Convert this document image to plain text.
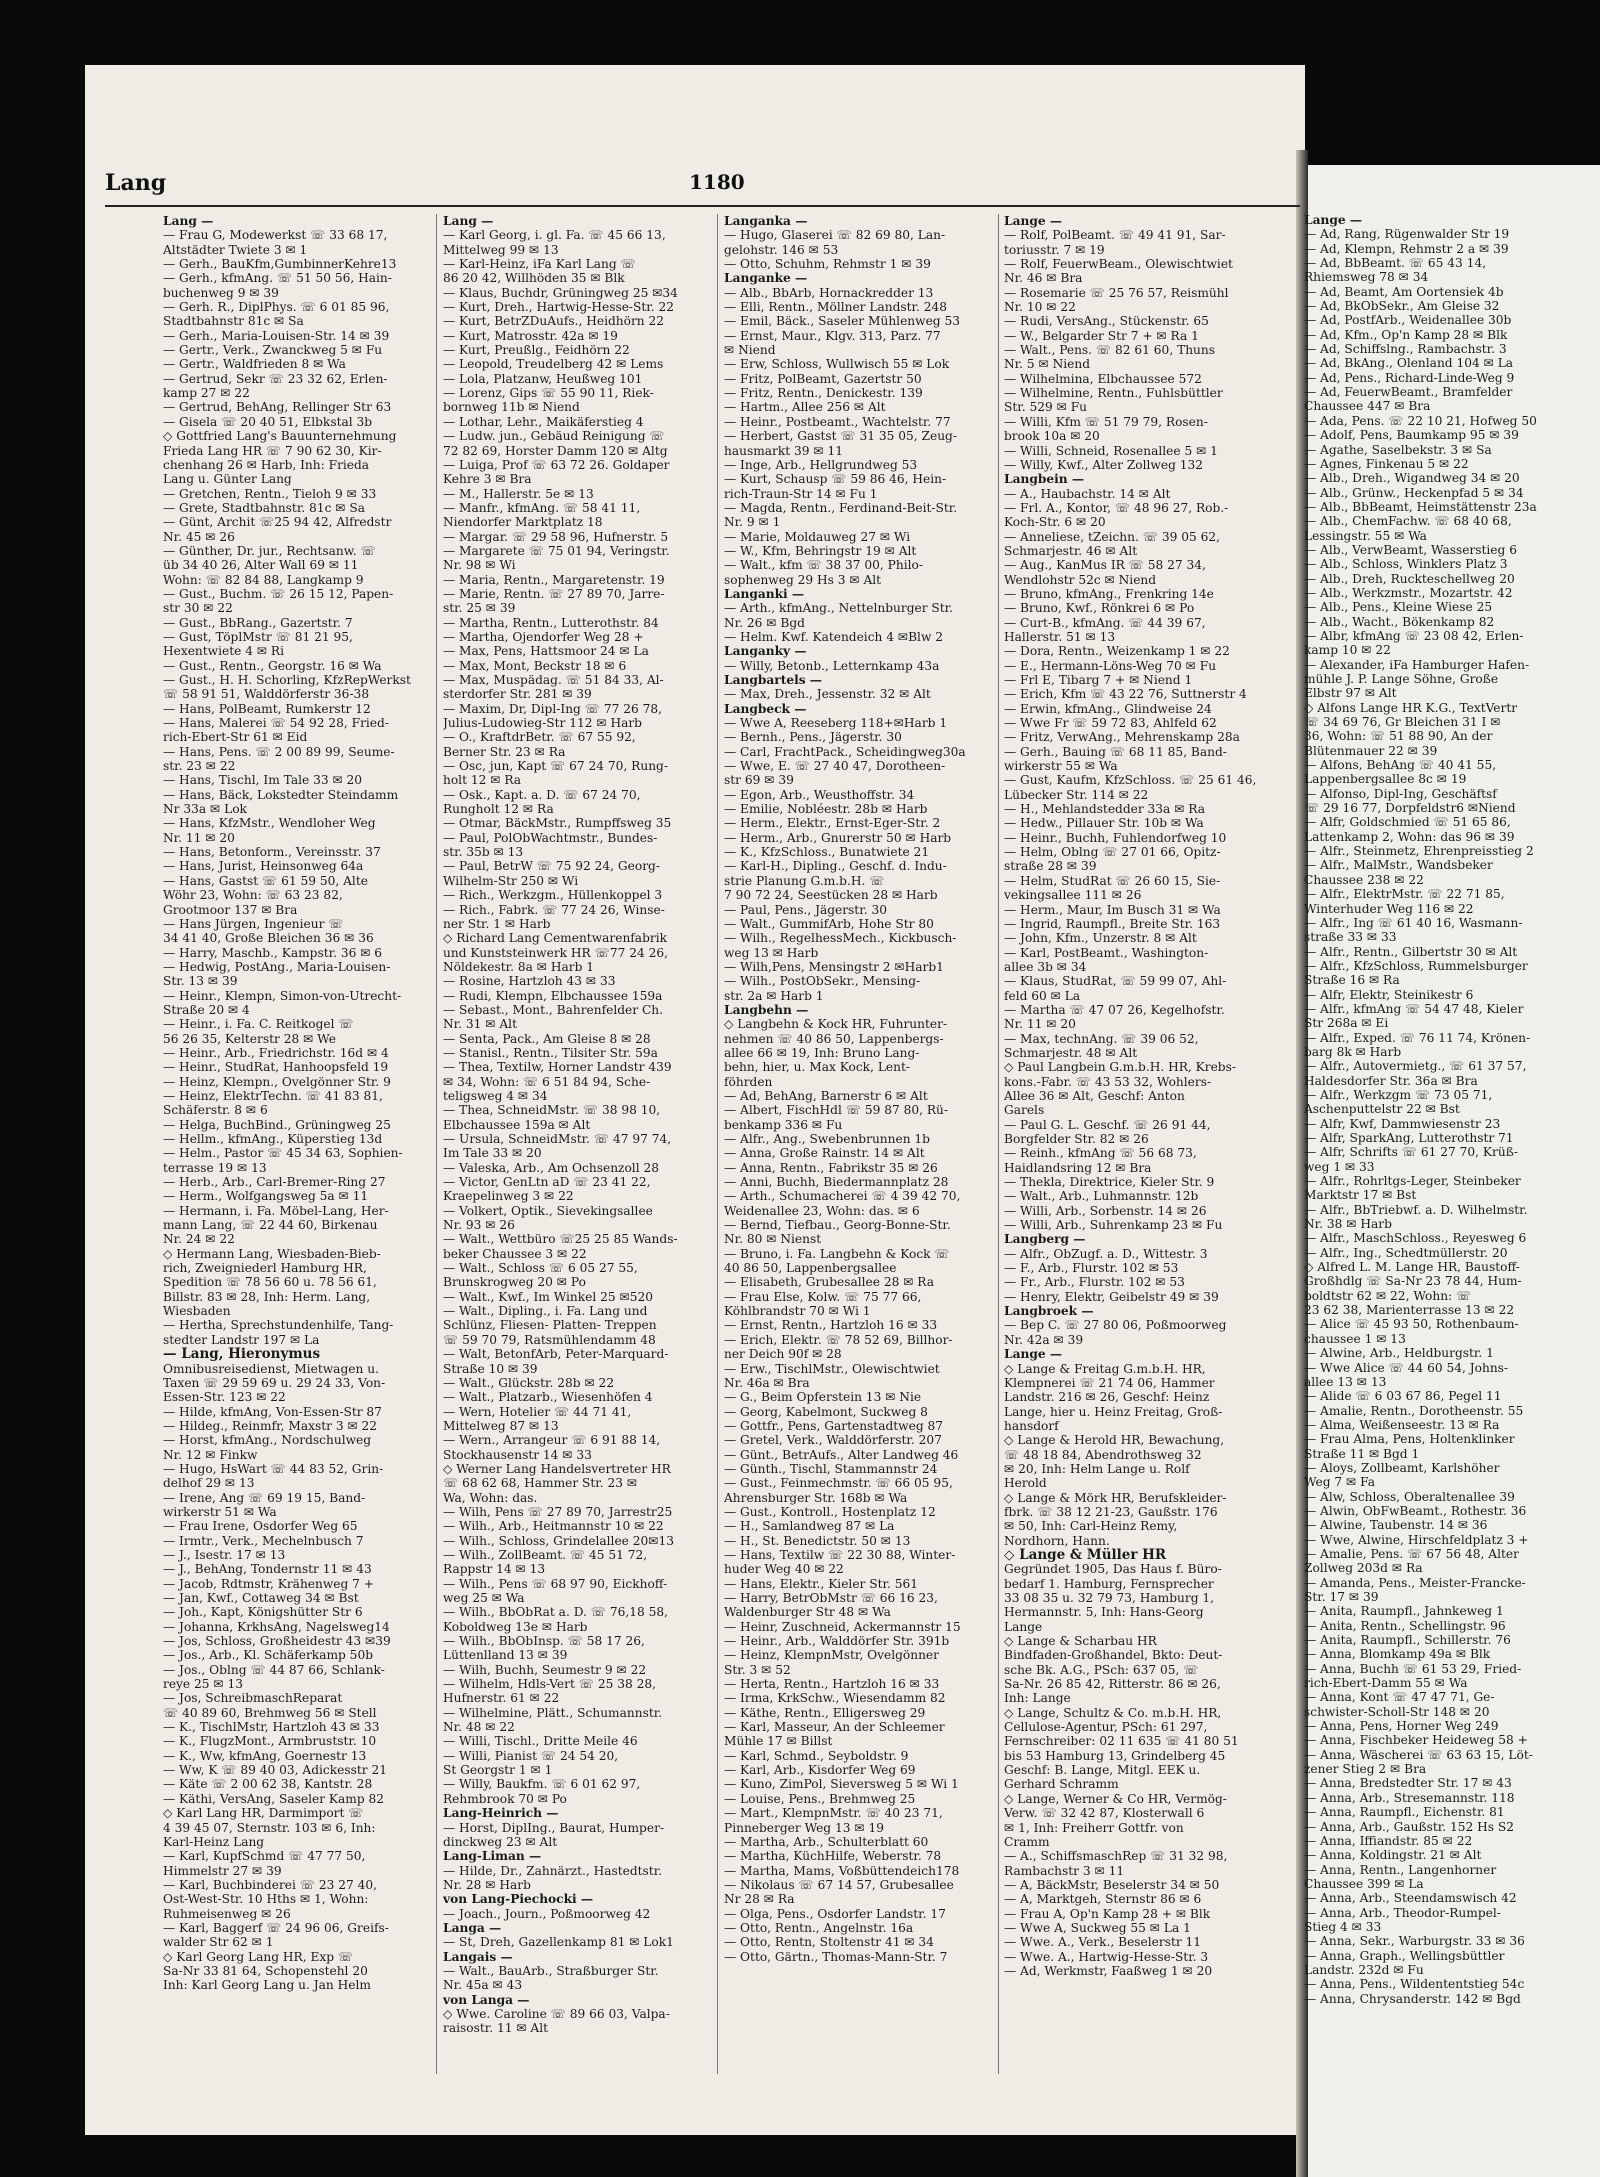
Lang	1180

Lang —

— Frau G, Modewerkst ☏ 33 68 17,

Altstädter Twiete 3 ✉ 1

— Gerh., BauKfm,GumbinnerKehre13

— Gerh., kfmAng. ☏ 51 50 56, Hain-

buchenweg 9 ✉ 39

— Gerh. R., DiplPhys. ☏ 6 01 85 96,

Stadtbahnstr 81c ✉ Sa

— Gerh., Maria-Louisen-Str. 14 ✉ 39

— Gertr., Verk., Zwanckweg 5 ✉ Fu

— Gertr., Waldfrieden 8 ✉ Wa

— Gertrud, Sekr ☏ 23 32 62, Erlen-

kamp 27 ✉ 22

— Gertrud, BehAng, Rellinger Str 63

— Gisela ☏ 20 40 51, Elbkstal 3b

◇ Gottfried Lang's Bauunternehmung

Frieda Lang HR ☏ 7 90 62 30, Kir-

chenhang 26 ✉ Harb, Inh: Frieda

Lang u. Günter Lang

— Gretchen, Rentn., Tieloh 9 ✉ 33

— Grete, Stadtbahnstr. 81c ✉ Sa

— Günt, Archit ☏25 94 42, Alfredstr

Nr. 45 ✉ 26

— Günther, Dr. jur., Rechtsanw. ☏

üb 34 40 26, Alter Wall 69 ✉ 11

Wohn: ☏ 82 84 88, Langkamp 9

— Gust., Buchm. ☏ 26 15 12, Papen-

str 30 ✉ 22

— Gust., BbRang., Gazertstr. 7

— Gust, TöplMstr ☏ 81 21 95,

Hexentwiete 4 ✉ Ri

— Gust., Rentn., Georgstr. 16 ✉ Wa

— Gust., H. H. Schorling, KfzRepWerkst

☏ 58 91 51, Walddörferstr 36-38

— Hans, PolBeamt, Rumkerstr 12

— Hans, Malerei ☏ 54 92 28, Fried-

rich-Ebert-Str 61 ✉ Eid

— Hans, Pens. ☏ 2 00 89 99, Seume-

str. 23 ✉ 22

— Hans, Tischl, Im Tale 33 ✉ 20

— Hans, Bäck, Lokstedter Steindamm

Nr 33a ✉ Lok

— Hans, KfzMstr., Wendloher Weg

Nr. 11 ✉ 20

— Hans, Betonform., Vereinsstr. 37

— Hans, Jurist, Heinsonweg 64a

— Hans, Gastst ☏ 61 59 50, Alte

Wöhr 23, Wohn: ☏ 63 23 82,

Grootmoor 137 ✉ Bra

— Hans Jürgen, Ingenieur ☏

34 41 40, Große Bleichen 36 ✉ 36

— Harry, Maschb., Kampstr. 36 ✉ 6

— Hedwig, PostAng., Maria-Louisen-

Str. 13 ✉ 39

— Heinr., Klempn, Simon-von-Utrecht-

Straße 20 ✉ 4

— Heinr., i. Fa. C. Reitkogel ☏

56 26 35, Kelterstr 28 ✉ We

— Heinr., Arb., Friedrichstr. 16d ✉ 4

— Heinr., StudRat, Hanhoopsfeld 19

— Heinz, Klempn., Ovelgönner Str. 9

— Heinz, ElektrTechn. ☏ 41 83 81,

Schäferstr. 8 ✉ 6

— Helga, BuchBind., Grüningweg 25

— Hellm., kfmAng., Küperstieg 13d

— Helm., Pastor ☏ 45 34 63, Sophien-

terrasse 19 ✉ 13

— Herb., Arb., Carl-Bremer-Ring 27

— Herm., Wolfgangsweg 5a ✉ 11

— Hermann, i. Fa. Möbel-Lang, Her-

mann Lang, ☏ 22 44 60, Birkenau

Nr. 24 ✉ 22

◇ Hermann Lang, Wiesbaden-Bieb-

rich, Zweigniederl Hamburg HR,

Spedition ☏ 78 56 60 u. 78 56 61,

Billstr. 83 ✉ 28, Inh: Herm. Lang,

Wiesbaden

— Hertha, Sprechstundenhilfe, Tang-

stedter Landstr 197 ✉ La

— Lang, Hieronymus

Omnibusreisedienst, Mietwagen u.

Taxen ☏ 29 59 69 u. 29 24 33, Von-

Essen-Str. 123 ✉ 22

— Hilde, kfmAng, Von-Essen-Str 87

— Hildeg., Reinmfr, Maxstr 3 ✉ 22

— Horst, kfmAng., Nordschulweg

Nr. 12 ✉ Finkw

— Hugo, HsWart ☏ 44 83 52, Grin-

delhof 29 ✉ 13

— Irene, Ang ☏ 69 19 15, Band-

wirkerstr 51 ✉ Wa

— Frau Irene, Osdorfer Weg 65

— Irmtr., Verk., Mechelnbusch 7

— J., Isestr. 17 ✉ 13

— J., BehAng, Tondernstr 11 ✉ 43

— Jacob, Rdtmstr, Krähenweg 7 +

— Jan, Kwf., Cottaweg 34 ✉ Bst

— Joh., Kapt, Königshütter Str 6

— Johanna, KrkhsAng, Nagelsweg14

— Jos, Schloss, Großheidestr 43 ✉39

— Jos., Arb., Kl. Schäferkamp 50b

— Jos., Oblng ☏ 44 87 66, Schlank-

reye 25 ✉ 13

— Jos, SchreibmaschReparat

☏ 40 89 60, Brehmweg 56 ✉ Stell

— K., TischlMstr, Hartzloh 43 ✉ 33

— K., FlugzMont., Armbruststr. 10

— K., Ww, kfmAng, Goernestr 13

— Ww, K ☏ 89 40 03, Adickesstr 21

— Käte ☏ 2 00 62 38, Kantstr. 28

— Käthi, VersAng, Saseler Kamp 82

◇ Karl Lang HR, Darmimport ☏

4 39 45 07, Sternstr. 103 ✉ 6, Inh:

Karl-Heinz Lang

— Karl, KupfSchmd ☏ 47 77 50,

Himmelstr 27 ✉ 39

— Karl, Buchbinderei ☏ 23 27 40,

Ost-West-Str. 10 Hths ✉ 1, Wohn:

Ruhmeisenweg ✉ 26

— Karl, Baggerf ☏ 24 96 06, Greifs-

walder Str 62 ✉ 1

◇ Karl Georg Lang HR, Exp ☏

Sa-Nr 33 81 64, Schopenstehl 20

Inh: Karl Georg Lang u. Jan Helm

Lang —

— Karl Georg, i. gl. Fa. ☏ 45 66 13,

Mittelweg 99 ✉ 13

— Karl-Heinz, iFa Karl Lang ☏

86 20 42, Willhöden 35 ✉ Blk

— Klaus, Buchdr, Grüningweg 25 ✉34

— Kurt, Dreh., Hartwig-Hesse-Str. 22

— Kurt, BetrZDuAufs., Heidhörn 22

— Kurt, Matrosstr. 42a ✉ 19

— Kurt, Preußlg., Feidhörn 22

— Leopold, Treudelberg 42 ✉ Lems

— Lola, Platzanw, Heußweg 101

— Lorenz, Gips ☏ 55 90 11, Riek-

bornweg 11b ✉ Niend

— Lothar, Lehr., Maikäferstieg 4

— Ludw. jun., Gebäud Reinigung ☏

72 82 69, Horster Damm 120 ✉ Altg

— Luiga, Prof ☏ 63 72 26. Goldaper

Kehre 3 ✉ Bra

— M., Hallerstr. 5e ✉ 13

— Manfr., kfmAng. ☏ 58 41 11,

Niendorfer Marktplatz 18

— Margar. ☏ 29 58 96, Hufnerstr. 5

— Margarete ☏ 75 01 94, Veringstr.

Nr. 98 ✉ Wi

— Maria, Rentn., Margaretenstr. 19

— Marie, Rentn. ☏ 27 89 70, Jarre-

str. 25 ✉ 39

— Martha, Rentn., Lutterothstr. 84

— Martha, Ojendorfer Weg 28 +

— Max, Pens, Hattsmoor 24 ✉ La

— Max, Mont, Beckstr 18 ✉ 6

— Max, Muspädag. ☏ 51 84 33, Al-

sterdorfer Str. 281 ✉ 39

— Maxim, Dr, Dipl-Ing ☏ 77 26 78,

Julius-Ludowieg-Str 112 ✉ Harb

— O., KraftdrBetr. ☏ 67 55 92,

Berner Str. 23 ✉ Ra

— Osc, jun, Kapt ☏ 67 24 70, Rung-

holt 12 ✉ Ra

— Osk., Kapt. a. D. ☏ 67 24 70,

Rungholt 12 ✉ Ra

— Otmar, BäckMstr., Rumpffsweg 35

— Paul, PolObWachtmstr., Bundes-

str. 35b ✉ 13

— Paul, BetrW ☏ 75 92 24, Georg-

Wilhelm-Str 250 ✉ Wi

— Rich., Werkzgm., Hüllenkoppel 3

— Rich., Fabrk. ☏ 77 24 26, Winse-

ner Str. 1 ✉ Harb

◇ Richard Lang Cementwarenfabrik

und Kunststeinwerk HR ☏77 24 26,

Nöldekestr. 8a ✉ Harb 1

— Rosine, Hartzloh 43 ✉ 33

— Rudi, Klempn, Elbchaussee 159a

— Sebast., Mont., Bahrenfelder Ch.

Nr. 31 ✉ Alt

— Senta, Pack., Am Gleise 8 ✉ 28

— Stanisl., Rentn., Tilsiter Str. 59a

— Thea, Textilw, Horner Landstr 439

✉ 34, Wohn: ☏ 6 51 84 94, Sche-

teligsweg 4 ✉ 34

— Thea, SchneidMstr. ☏ 38 98 10,

Elbchaussee 159a ✉ Alt

— Ursula, SchneidMstr. ☏ 47 97 74,

Im Tale 33 ✉ 20

— Valeska, Arb., Am Ochsenzoll 28

— Victor, GenLtn aD ☏ 23 41 22,

Kraepelinweg 3 ✉ 22

— Volkert, Optik., Sievekingsallee

Nr. 93 ✉ 26

— Walt., Wettbüro ☏25 25 85 Wands-

beker Chaussee 3 ✉ 22

— Walt., Schloss ☏ 6 05 27 55,

Brunskrogweg 20 ✉ Po

— Walt., Kwf., Im Winkel 25 ✉520

— Walt., Dipling., i. Fa. Lang und

Schlünz, Fliesen- Platten- Treppen

☏ 59 70 79, Ratsmühlendamm 48

— Walt, BetonfArb, Peter-Marquard-

Straße 10 ✉ 39

— Walt., Glückstr. 28b ✉ 22

— Walt., Platzarb., Wiesenhöfen 4

— Wern, Hotelier ☏ 44 71 41,

Mittelweg 87 ✉ 13

— Wern., Arrangeur ☏ 6 91 88 14,

Stockhausenstr 14 ✉ 33

◇ Werner Lang Handelsvertreter HR

☏ 68 62 68, Hammer Str. 23 ✉

Wa, Wohn: das.

— Wilh, Pens ☏ 27 89 70, Jarrestr25

— Wilh., Arb., Heitmannstr 10 ✉ 22

— Wilh., Schloss, Grindelallee 20✉13

— Wilh., ZollBeamt. ☏ 45 51 72,

Rappstr 14 ✉ 13

— Wilh., Pens ☏ 68 97 90, Eickhoff-

weg 25 ✉ Wa

— Wilh., BbObRat a. D. ☏ 76,18 58,

Koboldweg 13e ✉ Harb

— Wilh., BbObInsp. ☏ 58 17 26,

Lüttenlland 13 ✉ 39

— Wilh, Buchh, Seumestr 9 ✉ 22

— Wilhelm, Hdls-Vert ☏ 25 38 28,

Hufnerstr. 61 ✉ 22

— Wilhelmine, Plätt., Schumannstr.

Nr. 48 ✉ 22

— Willi, Tischl., Dritte Meile 46

— Willi, Pianist ☏ 24 54 20,

St Georgstr 1 ✉ 1

— Willy, Baukfm. ☏ 6 01 62 97,

Rehmbrook 70 ✉ Po

Lang-Heinrich —

— Horst, DiplIng., Baurat, Humper-

dinckweg 23 ✉ Alt

Lang-Liman —

— Hilde, Dr., Zahnärzt., Hastedtstr.

Nr. 28 ✉ Harb

von Lang-Piechocki —

— Joach., Journ., Poßmoorweg 42

Langa —

— St, Dreh, Gazellenkamp 81 ✉ Lok1

Langais —

— Walt., BauArb., Straßburger Str.

Nr. 45a ✉ 43

von Langa —

◇ Wwe. Caroline ☏ 89 66 03, Valpa-

raisostr. 11 ✉ Alt

Langanka —

— Hugo, Glaserei ☏ 82 69 80, Lan-

gelohstr. 146 ✉ 53

— Otto, Schuhm, Rehmstr 1 ✉ 39

Langanke —

— Alb., BbArb, Hornackredder 13

— Elli, Rentn., Möllner Landstr. 248

— Emil, Bäck., Saseler Mühlenweg 53

— Ernst, Maur., Klgv. 313, Parz. 77

✉ Niend

— Erw, Schloss, Wullwisch 55 ✉ Lok

— Fritz, PolBeamt, Gazertstr 50

— Fritz, Rentn., Denickestr. 139

— Hartm., Allee 256 ✉ Alt

— Heinr., Postbeamt., Wachtelstr. 77

— Herbert, Gastst ☏ 31 35 05, Zeug-

hausmarkt 39 ✉ 11

— Inge, Arb., Hellgrundweg 53

— Kurt, Schausp ☏ 59 86 46, Hein-

rich-Traun-Str 14 ✉ Fu 1

— Magda, Rentn., Ferdinand-Beit-Str.

Nr. 9 ✉ 1

— Marie, Moldauweg 27 ✉ Wi

— W., Kfm, Behringstr 19 ✉ Alt

— Walt., kfm ☏ 38 37 00, Philo-

sophenweg 29 Hs 3 ✉ Alt

Langanki —

— Arth., kfmAng., Nettelnburger Str.

Nr. 26 ✉ Bgd

— Helm. Kwf. Katendeich 4 ✉Blw 2

Langanky —

— Willy, Betonb., Letternkamp 43a

Langbartels —

— Max, Dreh., Jessenstr. 32 ✉ Alt

Langbeck —

— Wwe A, Reeseberg 118+✉Harb 1

— Bernh., Pens., Jägerstr. 30

— Carl, FrachtPack., Scheidingweg30a

— Wwe, E. ☏ 27 40 47, Dorotheen-

str 69 ✉ 39

— Egon, Arb., Weusthoffstr. 34

— Emilie, Nobléestr. 28b ✉ Harb

— Herm., Elektr., Ernst-Eger-Str. 2

— Herm., Arb., Gnurerstr 50 ✉ Harb

— K., KfzSchloss., Bunatwiete 21

— Karl-H., Dipling., Geschf. d. Indu-

strie Planung G.m.b.H. ☏

7 90 72 24, Seestücken 28 ✉ Harb

— Paul, Pens., Jägerstr. 30

— Walt., GummifArb, Hohe Str 80

— Wilh., RegelhessMech., Kickbusch-

weg 13 ✉ Harb

— Wilh,Pens, Mensingstr 2 ✉Harb1

— Wilh., PostObSekr., Mensing-

str. 2a ✉ Harb 1

Langbehn —

◇ Langbehn & Kock HR, Fuhrunter-

nehmen ☏ 40 86 50, Lappenbergs-

allee 66 ✉ 19, Inh: Bruno Lang-

behn, hier, u. Max Kock, Lent-

föhrden

— Ad, BehAng, Barnerstr 6 ✉ Alt

— Albert, FischHdl ☏ 59 87 80, Rü-

benkamp 336 ✉ Fu

— Alfr., Ang., Swebenbrunnen 1b

— Anna, Große Rainstr. 14 ✉ Alt

— Anna, Rentn., Fabrikstr 35 ✉ 26

— Anni, Buchh, Biedermannplatz 28

— Arth., Schumacherei ☏ 4 39 42 70,

Weidenallee 23, Wohn: das. ✉ 6

— Bernd, Tiefbau., Georg-Bonne-Str.

Nr. 80 ✉ Nienst

— Bruno, i. Fa. Langbehn & Kock ☏

40 86 50, Lappenbergsallee

— Elisabeth, Grubesallee 28 ✉ Ra

— Frau Else, Kolw. ☏ 75 77 66,

Köhlbrandstr 70 ✉ Wi 1

— Ernst, Rentn., Hartzloh 16 ✉ 33

— Erich, Elektr. ☏ 78 52 69, Billhor-

ner Deich 90f ✉ 28

— Erw., TischlMstr., Olewischtwiet

Nr. 46a ✉ Bra

— G., Beim Opferstein 13 ✉ Nie

— Georg, Kabelmont, Suckweg 8

— Gottfr., Pens, Gartenstadtweg 87

— Gretel, Verk., Walddörferstr. 207

— Günt., BetrAufs., Alter Landweg 46

— Günth., Tischl, Stammannstr 24

— Gust., Feinmechmstr. ☏ 66 05 95,

Ahrensburger Str. 168b ✉ Wa

— Gust., Kontroll., Hostenplatz 12

— H., Samlandweg 87 ✉ La

— H., St. Benedictstr. 50 ✉ 13

— Hans, Textilw ☏ 22 30 88, Winter-

huder Weg 40 ✉ 22

— Hans, Elektr., Kieler Str. 561

— Harry, BetrObMstr ☏ 66 16 23,

Waldenburger Str 48 ✉ Wa

— Heinr, Zuschneid, Ackermannstr 15

— Heinr., Arb., Walddörfer Str. 391b

— Heinz, KlempnMstr, Ovelgönner

Str. 3 ✉ 52

— Herta, Rentn., Hartzloh 16 ✉ 33

— Irma, KrkSchw., Wiesendamm 82

— Käthe, Rentn., Elligersweg 29

— Karl, Masseur, An der Schleemer

Mühle 17 ✉ Billst

— Karl, Schmd., Seyboldstr. 9

— Karl, Arb., Kisdorfer Weg 69

— Kuno, ZimPol, Sieversweg 5 ✉ Wi 1

— Louise, Pens., Brehmweg 25

— Mart., KlempnMstr. ☏ 40 23 71,

Pinneberger Weg 13 ✉ 19

— Martha, Arb., Schulterblatt 60

— Martha, KüchHilfe, Weberstr. 78

— Martha, Mams, Voßbüttendeich178

— Nikolaus ☏ 67 14 57, Grubesallee

Nr 28 ✉ Ra

— Olga, Pens., Osdorfer Landstr. 17

— Otto, Rentn., Angelnstr. 16a

— Otto, Rentn, Stoltenstr 41 ✉ 34

— Otto, Gärtn., Thomas-Mann-Str. 7

Lange —

— Rolf, PolBeamt. ☏ 49 41 91, Sar-

toriusstr. 7 ✉ 19

— Rolf, FeuerwBeam., Olewischtwiet

Nr. 46 ✉ Bra

— Rosemarie ☏ 25 76 57, Reismühl

Nr. 10 ✉ 22

— Rudi, VersAng., Stückenstr. 65

— W., Belgarder Str 7 + ✉ Ra 1

— Walt., Pens. ☏ 82 61 60, Thuns

Nr. 5 ✉ Niend

— Wilhelmina, Elbchaussee 572

— Wilhelmine, Rentn., Fuhlsbüttler

Str. 529 ✉ Fu

— Willi, Kfm ☏ 51 79 79, Rosen-

brook 10a ✉ 20

— Willi, Schneid, Rosenallee 5 ✉ 1

— Willy, Kwf., Alter Zollweg 132

Langbein —

— A., Haubachstr. 14 ✉ Alt

— Frl. A., Kontor, ☏ 48 96 27, Rob.-

Koch-Str. 6 ✉ 20

— Anneliese, tZeichn. ☏ 39 05 62,

Schmarjestr. 46 ✉ Alt

— Aug., KanMus IR ☏ 58 27 34,

Wendlohstr 52c ✉ Niend

— Bruno, kfmAng., Frenkring 14e

— Bruno, Kwf., Rönkrei 6 ✉ Po

— Curt-B., kfmAng. ☏ 44 39 67,

Hallerstr. 51 ✉ 13

— Dora, Rentn., Weizenkamp 1 ✉ 22

— E., Hermann-Löns-Weg 70 ✉ Fu

— Frl E, Tibarg 7 + ✉ Niend 1

— Erich, Kfm ☏ 43 22 76, Suttnerstr 4

— Erwin, kfmAng., Glindweise 24

— Wwe Fr ☏ 59 72 83, Ahlfeld 62

— Fritz, VerwAng., Mehrenskamp 28a

— Gerh., Bauing ☏ 68 11 85, Band-

wirkerstr 55 ✉ Wa

— Gust, Kaufm, KfzSchloss. ☏ 25 61 46,

Lübecker Str. 114 ✉ 22

— H., Mehlandstedder 33a ✉ Ra

— Hedw., Pillauer Str. 10b ✉ Wa

— Heinr., Buchh, Fuhlendorfweg 10

— Helm, Oblng ☏ 27 01 66, Opitz-

straße 28 ✉ 39

— Helm, StudRat ☏ 26 60 15, Sie-

vekingsallee 111 ✉ 26

— Herm., Maur, Im Busch 31 ✉ Wa

— Ingrid, Raumpfl., Breite Str. 163

— John, Kfm., Unzerstr. 8 ✉ Alt

— Karl, PostBeamt., Washington-

allee 3b ✉ 34

— Klaus, StudRat, ☏ 59 99 07, Ahl-

feld 60 ✉ La

— Martha ☏ 47 07 26, Kegelhofstr.

Nr. 11 ✉ 20

— Max, technAng. ☏ 39 06 52,

Schmarjestr. 48 ✉ Alt

◇ Paul Langbein G.m.b.H. HR, Krebs-

kons.-Fabr. ☏ 43 53 32, Wohlers-

Allee 36 ✉ Alt, Geschf: Anton

Garels

— Paul G. L. Geschf. ☏ 26 91 44,

Borgfelder Str. 82 ✉ 26

— Reinh., kfmAng ☏ 56 68 73,

Haidlandsring 12 ✉ Bra

— Thekla, Direktrice, Kieler Str. 9

— Walt., Arb., Luhmannstr. 12b

— Willi, Arb., Sorbenstr. 14 ✉ 26

— Willi, Arb., Suhrenkamp 23 ✉ Fu

Langberg —

— Alfr., ObZugf. a. D., Wittestr. 3

— F., Arb., Flurstr. 102 ✉ 53

— Fr., Arb., Flurstr. 102 ✉ 53

— Henry, Elektr, Geibelstr 49 ✉ 39

Langbroek —

— Bep C. ☏ 27 80 06, Poßmoorweg

Nr. 42a ✉ 39

Lange —

◇ Lange & Freitag G.m.b.H. HR,

Klempnerei ☏ 21 74 06, Hammer

Landstr. 216 ✉ 26, Geschf: Heinz

Lange, hier u. Heinz Freitag, Groß-

hansdorf

◇ Lange & Herold HR, Bewachung,

☏ 48 18 84, Abendrothsweg 32

✉ 20, Inh: Helm Lange u. Rolf

Herold

◇ Lange & Mörk HR, Berufskleider-

fbrk. ☏ 38 12 21-23, Gaußstr. 176

✉ 50, Inh: Carl-Heinz Remy,

Nordhorn, Hann.

◇ Lange & Müller HR

Gegründet 1905, Das Haus f. Büro-

bedarf 1. Hamburg, Fernsprecher

33 08 35 u. 32 79 73, Hamburg 1,

Hermannstr. 5, Inh: Hans-Georg

Lange

◇ Lange & Scharbau HR

Bindfaden-Großhandel, Bkto: Deut-

sche Bk. A.G., PSch: 637 05, ☏

Sa-Nr. 26 85 42, Ritterstr. 86 ✉ 26,

Inh: Lange

◇ Lange, Schultz & Co. m.b.H. HR,

Cellulose-Agentur, PSch: 61 297,

Fernschreiber: 02 11 635 ☏ 41 80 51

bis 53 Hamburg 13, Grindelberg 45

Geschf: B. Lange, Mitgl. EEK u.

Gerhard Schramm

◇ Lange, Werner & Co HR, Vermög-

Verw. ☏ 32 42 87, Klosterwall 6

✉ 1, Inh: Freiherr Gottfr. von

Cramm

— A., SchiffsmaschRep ☏ 31 32 98,

Rambachstr 3 ✉ 11

— A, BäckMstr, Beselerstr 34 ✉ 50

— A, Marktgeh, Sternstr 86 ✉ 6

— Frau A, Op'n Kamp 28 + ✉ Blk

— Wwe A, Suckweg 55 ✉ La 1

— Wwe. A., Verk., Beselerstr 11

— Wwe. A., Hartwig-Hesse-Str. 3

— Ad, Werkmstr, Faaßweg 1 ✉ 20

Lange —

— Ad, Rang, Rügenwalder Str 19

— Ad, Klempn, Rehmstr 2 a ✉ 39

— Ad, BbBeamt. ☏ 65 43 14,

Rhiemsweg 78 ✉ 34

— Ad, Beamt, Am Oortensiek 4b

— Ad, BkObSekr., Am Gleise 32

— Ad, PostfArb., Weidenallee 30b

— Ad, Kfm., Op'n Kamp 28 ✉ Blk

— Ad, Schiffslng., Rambachstr. 3

— Ad, BkAng., Olenland 104 ✉ La

— Ad, Pens., Richard-Linde-Weg 9

— Ad, FeuerwBeamt., Bramfelder

Chaussee 447 ✉ Bra

— Ada, Pens. ☏ 22 10 21, Hofweg 50

— Adolf, Pens, Baumkamp 95 ✉ 39

— Agathe, Saselbekstr. 3 ✉ Sa

— Agnes, Finkenau 5 ✉ 22

— Alb., Dreh., Wigandweg 34 ✉ 20

— Alb., Grünw., Heckenpfad 5 ✉ 34

— Alb., BbBeamt, Heimstättenstr 23a

— Alb., ChemFachw. ☏ 68 40 68,

Lessingstr. 55 ✉ Wa

— Alb., VerwBeamt, Wasserstieg 6

— Alb., Schloss, Winklers Platz 3

— Alb., Dreh, Ruckteschellweg 20

— Alb., Werkzmstr., Mozartstr. 42

— Alb., Pens., Kleine Wiese 25

— Alb., Wacht., Bökenkamp 82

— Albr, kfmAng ☏ 23 08 42, Erlen-

kamp 10 ✉ 22

— Alexander, iFa Hamburger Hafen-

mühle J. P. Lange Söhne, Große

Elbstr 97 ✉ Alt

◇ Alfons Lange HR K.G., TextVertr

☏ 34 69 76, Gr Bleichen 31 I ✉

36, Wohn: ☏ 51 88 90, An der

Blütenmauer 22 ✉ 39

— Alfons, BehAng ☏ 40 41 55,

Lappenbergsallee 8c ✉ 19

— Alfonso, Dipl-Ing, Geschäftsf

☏ 29 16 77, Dorpfeldstr6 ✉Niend

— Alfr, Goldschmied ☏ 51 65 86,

Lattenkamp 2, Wohn: das 96 ✉ 39

— Alfr., Steinmetz, Ehrenpreisstieg 2

— Alfr., MalMstr., Wandsbeker

Chaussee 238 ✉ 22

— Alfr., ElektrMstr. ☏ 22 71 85,

Winterhuder Weg 116 ✉ 22

— Alfr., Ing ☏ 61 40 16, Wasmann-

straße 33 ✉ 33

— Alfr., Rentn., Gilbertstr 30 ✉ Alt

— Alfr., KfzSchloss, Rummelsburger

Straße 16 ✉ Ra

— Alfr, Elektr, Steinikestr 6

— Alfr., kfmAng ☏ 54 47 48, Kieler

Str 268a ✉ Ei

— Alfr., Exped. ☏ 76 11 74, Krönen-

barg 8k ✉ Harb

— Alfr., Autovermietg., ☏ 61 37 57,

Haldesdorfer Str. 36a ✉ Bra

— Alfr., Werkzgm ☏ 73 05 71,

Aschenputtelstr 22 ✉ Bst

— Alfr, Kwf, Dammwiesenstr 23

— Alfr, SparkAng, Lutterothstr 71

— Alfr, Schrifts ☏ 61 27 70, Krüß-

weg 1 ✉ 33

— Alfr., Rohrltgs-Leger, Steinbeker

Marktstr 17 ✉ Bst

— Alfr., BbTriebwf. a. D. Wilhelmstr.

Nr. 38 ✉ Harb

— Alfr., MaschSchloss., Reyesweg 6

— Alfr., Ing., Schedtmüllerstr. 20

◇ Alfred L. M. Lange HR, Baustoff-

Großhdlg ☏ Sa-Nr 23 78 44, Hum-

boldtstr 62 ✉ 22, Wohn: ☏

23 62 38, Marienterrasse 13 ✉ 22

— Alice ☏ 45 93 50, Rothenbaum-

chaussee 1 ✉ 13

— Alwine, Arb., Heldburgstr. 1

— Wwe Alice ☏ 44 60 54, Johns-

allee 13 ✉ 13

— Alide ☏ 6 03 67 86, Pegel 11

— Amalie, Rentn., Dorotheenstr. 55

— Alma, Weißenseestr. 13 ✉ Ra

— Frau Alma, Pens, Holtenklinker

Straße 11 ✉ Bgd 1

— Aloys, Zollbeamt, Karlshöher

Weg 7 ✉ Fa

— Alw, Schloss, Oberaltenallee 39

— Alwin, ObFwBeamt., Rothestr. 36

— Alwine, Taubenstr. 14 ✉ 36

— Wwe, Alwine, Hirschfeldplatz 3 +

— Amalie, Pens. ☏ 67 56 48, Alter

Zollweg 203d ✉ Ra

— Amanda, Pens., Meister-Francke-

Str. 17 ✉ 39

— Anita, Raumpfl., Jahnkeweg 1

— Anita, Rentn., Schellingstr. 96

— Anita, Raumpfl., Schillerstr. 76

— Anna, Blomkamp 49a ✉ Blk

— Anna, Buchh ☏ 61 53 29, Fried-

rich-Ebert-Damm 55 ✉ Wa

— Anna, Kont ☏ 47 47 71, Ge-

schwister-Scholl-Str 148 ✉ 20

— Anna, Pens, Horner Weg 249

— Anna, Fischbeker Heideweg 58 +

— Anna, Wäscherei ☏ 63 63 15, Löt-

zener Stieg 2 ✉ Bra

— Anna, Bredstedter Str. 17 ✉ 43

— Anna, Arb., Stresemannstr. 118

— Anna, Raumpfl., Eichenstr. 81

— Anna, Arb., Gaußstr. 152 Hs S2

— Anna, Iffiandstr. 85 ✉ 22

— Anna, Koldingstr. 21 ✉ Alt

— Anna, Rentn., Langenhorner

Chaussee 399 ✉ La

— Anna, Arb., Steendamswisch 42

— Anna, Arb., Theodor-Rumpel-

Stieg 4 ✉ 33

— Anna, Sekr., Warburgstr. 33 ✉ 36

— Anna, Graph., Wellingsbüttler

Landstr. 232d ✉ Fu

— Anna, Pens., Wildententstieg 54c

— Anna, Chrysanderstr. 142 ✉ Bgd
